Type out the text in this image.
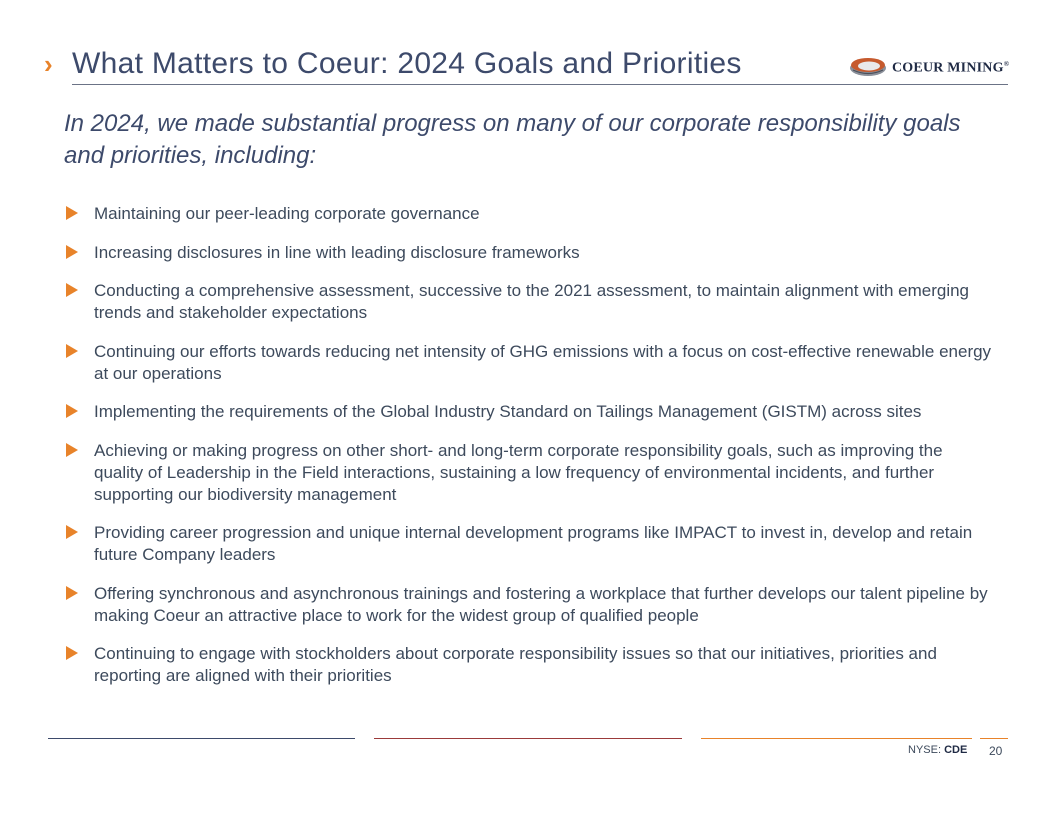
› What Matters to Coeur: 2024 Goals and Priorities	COEUR MINING®
In 2024, we made substantial progress on many of our corporate responsibility goals and priorities, including:
Maintaining our peer-leading corporate governance
Increasing disclosures in line with leading disclosure frameworks
Conducting a comprehensive assessment, successive to the 2021 assessment, to maintain alignment with emerging trends and stakeholder expectations
Continuing our efforts towards reducing net intensity of GHG emissions with a focus on cost-effective renewable energy at our operations
Implementing the requirements of the Global Industry Standard on Tailings Management (GISTM) across sites
Achieving or making progress on other short- and long-term corporate responsibility goals, such as improving the quality of Leadership in the Field interactions, sustaining a low frequency of environmental incidents, and further supporting our biodiversity management
Providing career progression and unique internal development programs like IMPACT to invest in, develop and retain future Company leaders
Offering synchronous and asynchronous trainings and fostering a workplace that further develops our talent pipeline by making Coeur an attractive place to work for the widest group of qualified people
Continuing to engage with stockholders about corporate responsibility issues so that our initiatives, priorities and reporting are aligned with their priorities
NYSE: CDE 20
